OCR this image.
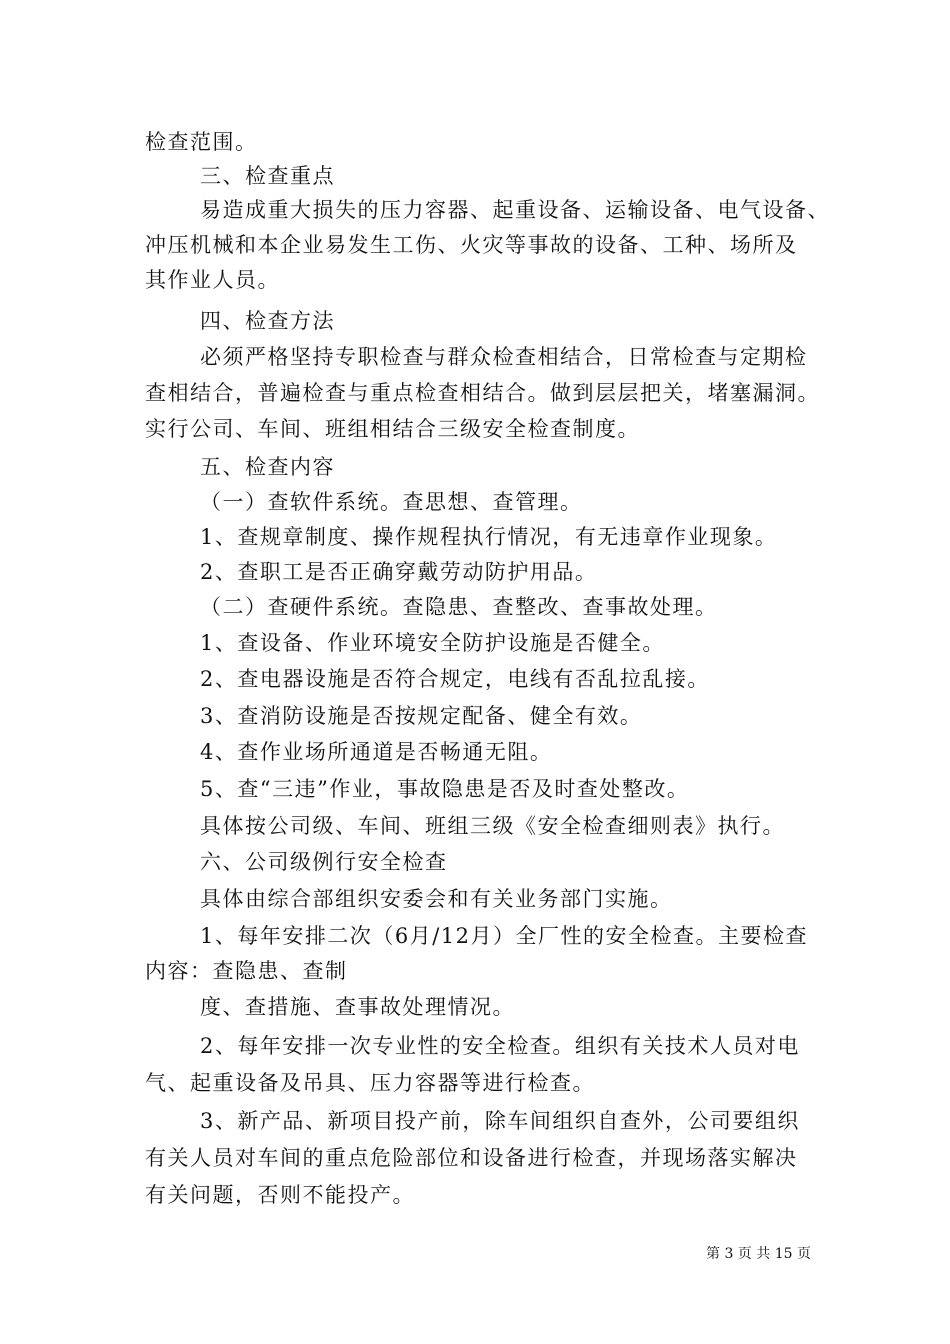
检查范围。
三、检查重点
易造成重大损失的压力容器、起重设备、运输设备、电气设备、
冲压机械和本企业易发生工伤、火灾等事故的设备、工种、场所及
其作业人员。
四、检查方法
必须严格坚持专职检查与群众检查相结合，日常检查与定期检
查相结合，普遍检查与重点检查相结合。做到层层把关，堵塞漏洞。
实行公司、车间、班组相结合三级安全检查制度。
五、检查内容
（一）查软件系统。查思想、查管理。
1、查规章制度、操作规程执行情况，有无违章作业现象。
2、查职工是否正确穿戴劳动防护用品。
（二）查硬件系统。查隐患、查整改、查事故处理。
1、查设备、作业环境安全防护设施是否健全。
2、查电器设施是否符合规定，电线有否乱拉乱接。
3、查消防设施是否按规定配备、健全有效。
4、查作业场所通道是否畅通无阻。
5、查“三违”作业，事故隐患是否及时查处整改。
具体按公司级、车间、班组三级《安全检查细则表》执行。
六、公司级例行安全检查
具体由综合部组织安委会和有关业务部门实施。
1、每年安排二次（6月/12月）全厂性的安全检查。主要检查
内容：查隐患、查制
度、查措施、查事故处理情况。
2、每年安排一次专业性的安全检查。组织有关技术人员对电
气、起重设备及吊具、压力容器等进行检查。
3、新产品、新项目投产前，除车间组织自查外，公司要组织
有关人员对车间的重点危险部位和设备进行检查，并现场落实解决
有关问题，否则不能投产。
第 3 页 共 15 页
